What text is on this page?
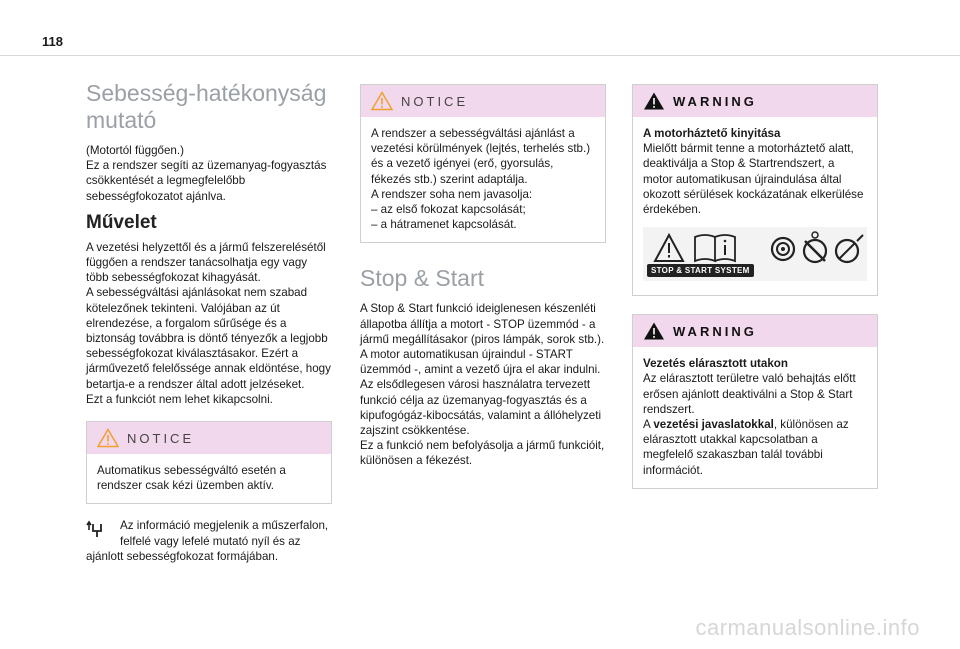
118
Sebesség-hatékonyság
mutató

(Motortól függően.)
Ez a rendszer segíti az üzemanyag-fogyasztás csökkentését a legmegfelelőbb sebességfokozatot ajánlva.

Művelet

A vezetési helyzettől és a jármű felszerelésétől függően a rendszer tanácsolhatja egy vagy több sebességfokozat kihagyását.
A sebességváltási ajánlásokat nem szabad kötelezőnek tekinteni. Valójában az út elrendezése, a forgalom sűrűsége és a biztonság továbbra is döntő tényezők a legjobb sebességfokozat kiválasztásakor. Ezért a járművezető felelőssége annak eldöntése, hogy betartja-e a rendszer által adott jelzéseket.
Ezt a funkciót nem lehet kikapcsolni.

NOTICE

Automatikus sebességváltó esetén a rendszer csak kézi üzemben aktív.

Az információ megjelenik a műszerfalon,
felfelé vagy lefelé mutató nyíl és az
ajánlott sebességfokozat formájában.

NOTICE

A rendszer a sebességváltási ajánlást a vezetési körülmények (lejtés, terhelés stb.) és a vezető igényei (erő, gyorsulás, fékezés stb.) szerint adaptálja.
A rendszer soha nem javasolja:
– az első fokozat kapcsolását;
– a hátramenet kapcsolását.

Stop & Start

A Stop & Start funkció ideiglenesen készenléti állapotba állítja a motort - STOP üzemmód - a jármű megállításakor (piros lámpák, sorok stb.). A motor automatikusan újraindul - START üzemmód -, amint a vezető újra el akar indulni. Az elsődlegesen városi használatra tervezett funkció célja az üzemanyag-fogyasztás és a kipufogógáz-kibocsátás, valamint a állóhelyzeti zajszint csökkentése.
Ez a funkció nem befolyásolja a jármű funkcióit, különösen a fékezést.

WARNING

A motorháztető kinyitása

Mielőtt bármit tenne a motorháztető alatt, deaktiválja a Stop & Startrendszert, a motor automatikusan újraindulása által okozott sérülések kockázatának elkerülése érdekében.

STOP & START SYSTEM
WARNING

Vezetés elárasztott utakon

Az elárasztott területre való behajtás előtt erősen ajánlott deaktiválni a Stop & Start rendszert.

A vezetési javaslatokkal, különösen az elárasztott utakkal kapcsolatban a megfelelő szakaszban talál további információt.

carmanualsonline.info
